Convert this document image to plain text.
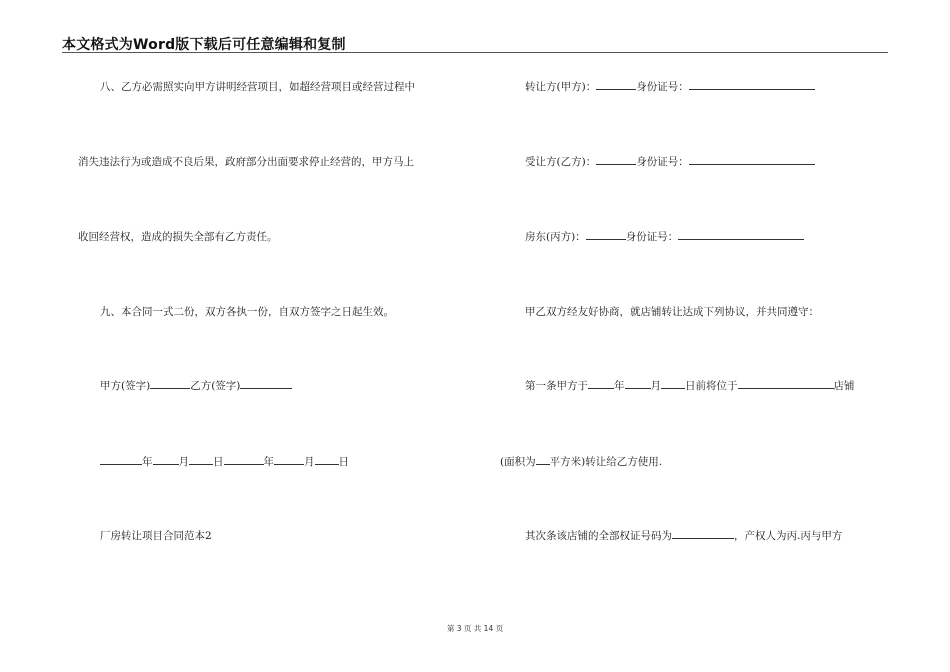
本文格式为Word版下载后可任意编辑和复制
八、乙方必需照实向甲方讲明经营项目，如超经营项目或经营过程中
消失违法行为或造成不良后果，政府部分出面要求停止经营的，甲方马上
收回经营权，造成的损失全部有乙方责任。
九、本合同一式二份，双方各执一份，自双方签字之日起生效。
甲方(签字)	乙方(签字)
年 月 日	年	月 日
厂房转让项目合同范本2
转让方(甲方)：	身份证号：
受让方(乙方)：	身份证号：
房东(丙方)：	身份证号：
甲乙双方经友好协商，就店铺转让达成下列协议，并共同遵守：
第一条甲方于 年 月 日前将位于	店铺
(面积为 平方米)转让给乙方使用.
其次条该店铺的全部权证号码为	，产权人为丙.丙与甲方
第 3 页 共 14 页
